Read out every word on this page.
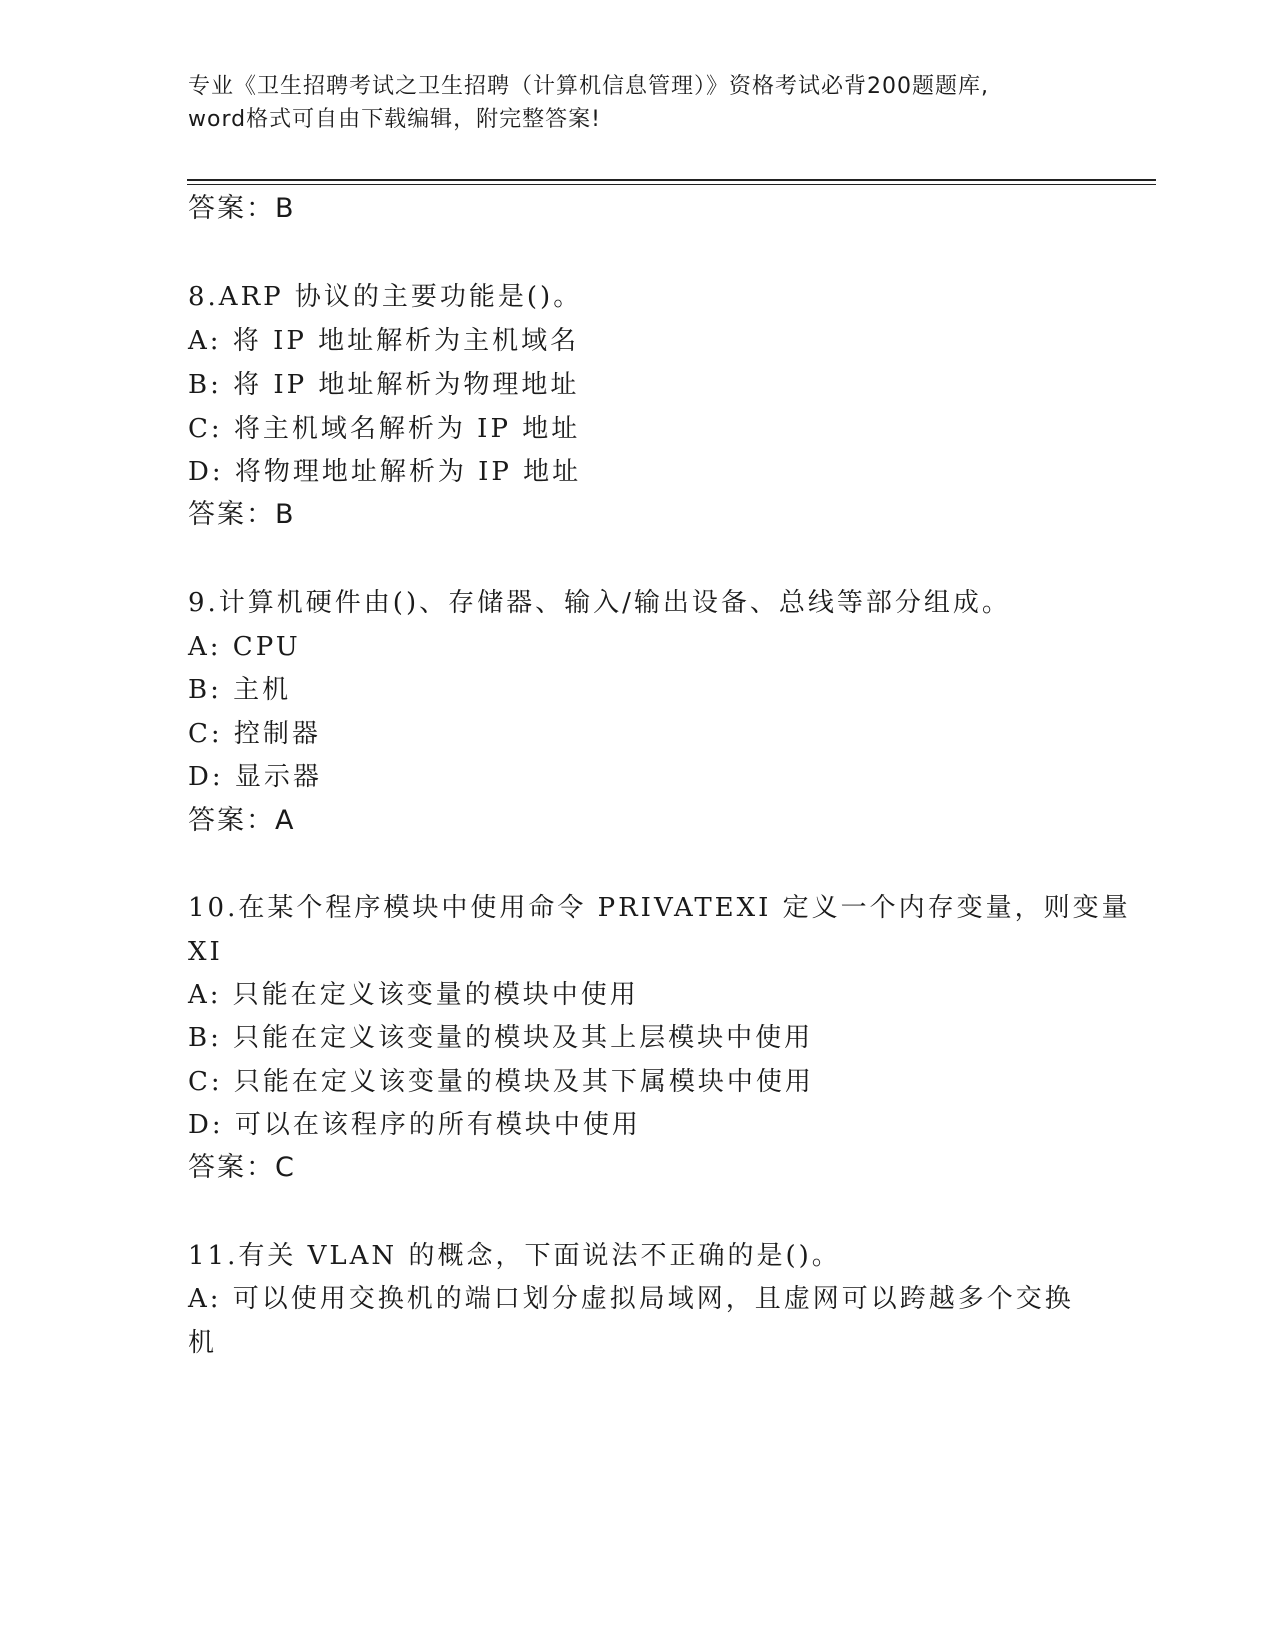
专业《卫生招聘考试之卫生招聘（计算机信息管理）》资格考试必背200题题库,
word格式可自由下载编辑，附完整答案!
答案：B
8.ARP 协议的主要功能是()。
A: 将 IP 地址解析为主机域名
B: 将 IP 地址解析为物理地址
C: 将主机域名解析为 IP 地址
D: 将物理地址解析为 IP 地址
答案：B
9.计算机硬件由()、存储器、输入/输出设备、总线等部分组成。
A: CPU
B: 主机
C: 控制器
D: 显示器
答案：A
10.在某个程序模块中使用命令 PRIVATEXI 定义一个内存变量，则变量
XI
A: 只能在定义该变量的模块中使用
B: 只能在定义该变量的模块及其上层模块中使用
C: 只能在定义该变量的模块及其下属模块中使用
D: 可以在该程序的所有模块中使用
答案：C
11.有关 VLAN 的概念，下面说法不正确的是()。
A: 可以使用交换机的端口划分虚拟局域网，且虚网可以跨越多个交换
机
